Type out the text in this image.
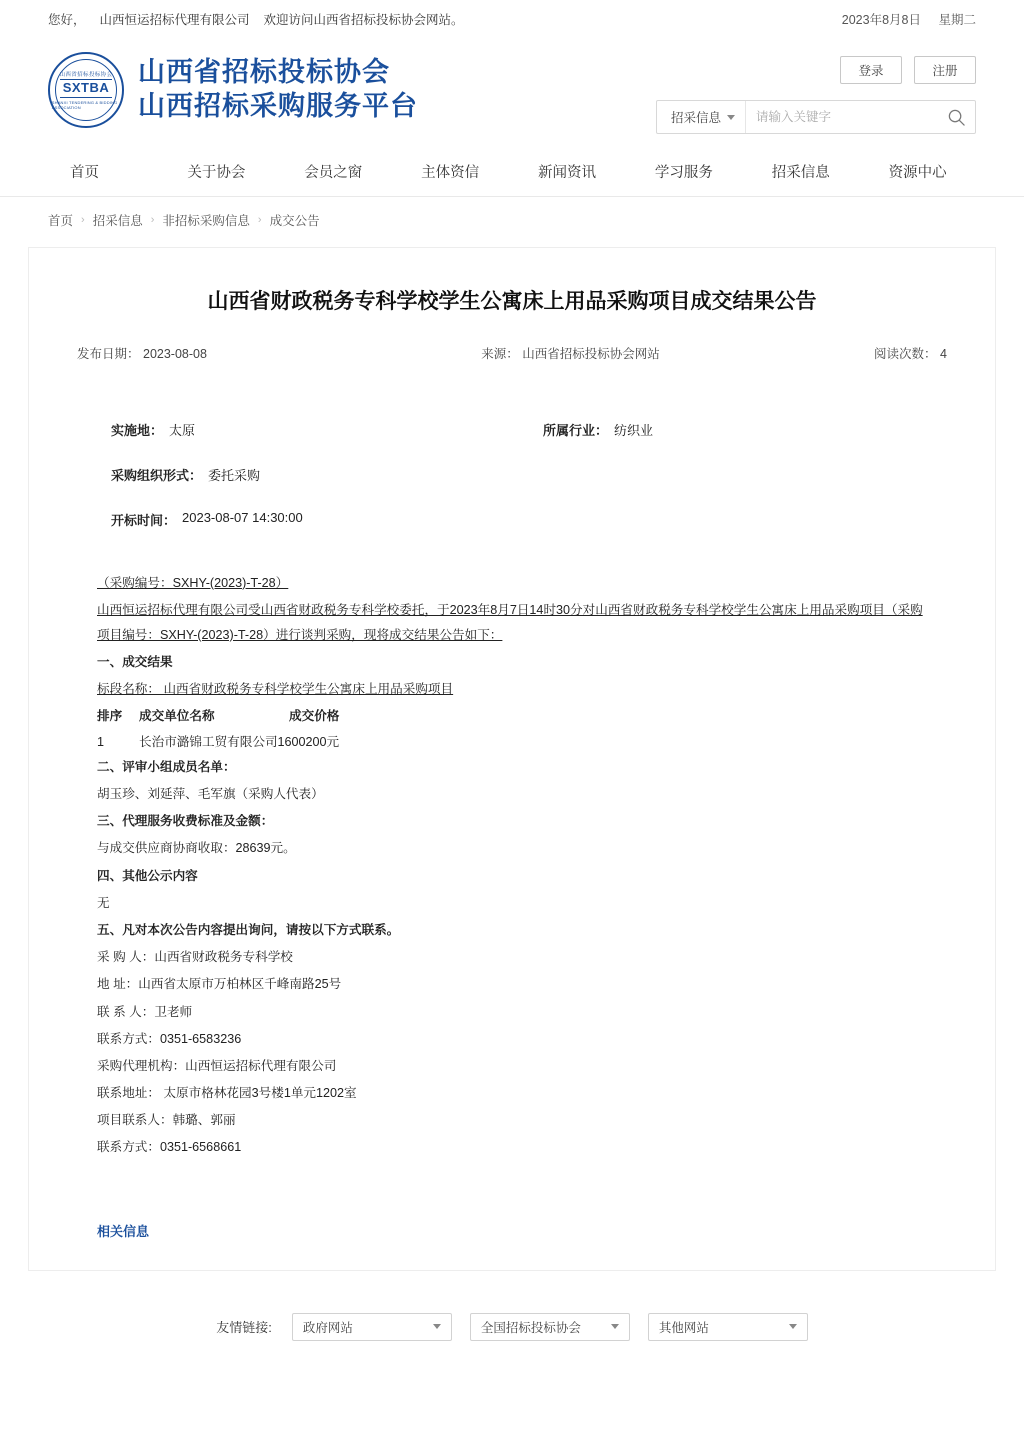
您好， 山西恒运招标代理有限公司 欢迎访问山西省招标投标协会网站。	2023年8月8日 星期二
山西省招标投标协会
SXTBA
SHANXI TENDERING & BIDDING ASSOCIATION
山西省招标投标协会
山西招标采购服务平台
登录	注册
招采信息
请输入关键字
首页	关于协会	会员之窗	主体资信	新闻资讯	学习服务	招采信息	资源中心
首页 › 招采信息 › 非招标采购信息 › 成交公告
山西省财政税务专科学校学生公寓床上用品采购项目成交结果公告
发布日期： 2023-08-08	来源： 山西省招标投标协会网站	阅读次数： 4
实施地： 太原	所属行业： 纺织业
采购组织形式： 委托采购
开标时间： 2023-08-07 14:30:00

（采购编号：SXHY-(2023)-T-28）

山西恒运招标代理有限公司受山西省财政税务专科学校委托，于2023年8月7日14时30分对山西省财政税务专科学校学生公寓床上用品采购项目（采购项目编号：SXHY-(2023)-T-28）进行谈判采购，现将成交结果公告如下：

一、成交结果

标段名称： 山西省财政税务专科学校学生公寓床上用品采购项目

排序	成交单位名称	成交价格
1	长治市潞锦工贸有限公司 1600200元

二、评审小组成员名单：

胡玉珍、刘延萍、毛军旗（采购人代表）

三、代理服务收费标准及金额：

与成交供应商协商收取：28639元。

四、其他公示内容

无

五、凡对本次公告内容提出询问，请按以下方式联系。

采 购 人：山西省财政税务专科学校

地 址：山西省太原市万柏林区千峰南路25号

联 系 人：卫老师

联系方式：0351-6583236

采购代理机构：山西恒运招标代理有限公司

联系地址： 太原市格林花园3号楼1单元1202室

项目联系人：韩璐、郭丽

联系方式：0351-6568661

相关信息
友情链接: 政府网站	全国招标投标协会	其他网站
